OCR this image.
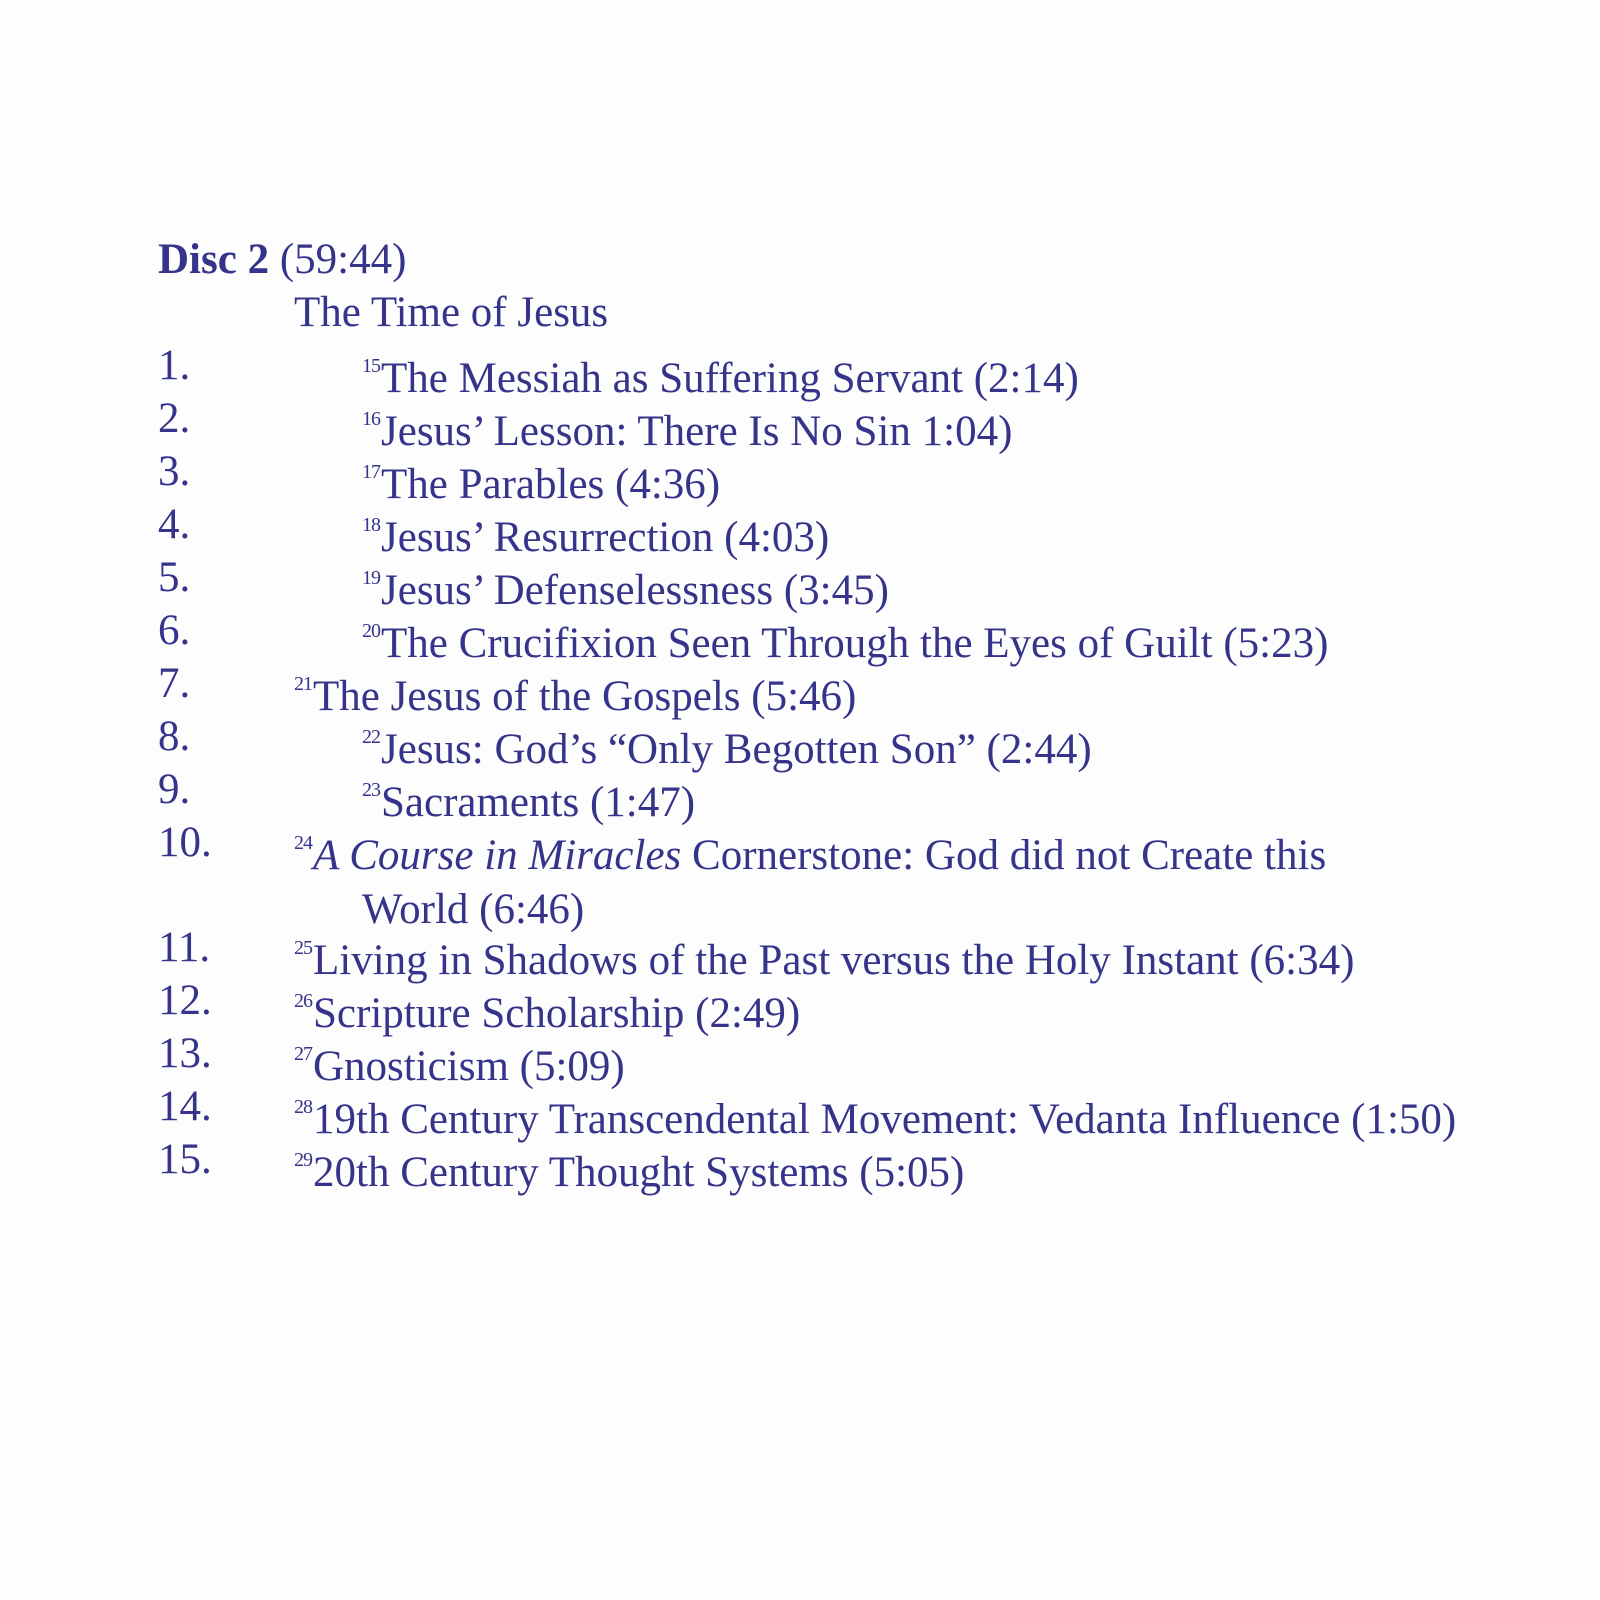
Disc 2 (59:44)
The Time of Jesus
1.	$^{15}$The Messiah as Suffering Servant (2:14)
2.	$^{16}$Jesus’ Lesson: There Is No Sin 1:04)
3.	$^{17}$The Parables (4:36)
4.	$^{18}$Jesus’ Resurrection (4:03)
5.	$^{19}$Jesus’ Defenselessness (3:45)
6.	$^{20}$The Crucifixion Seen Through the Eyes of Guilt (5:23)
7.	$^{21}$The Jesus of the Gospels (5:46)
8.	$^{22}$Jesus: God’s “Only Begotten Son” (2:44)
9.	$^{23}$Sacraments (1:47)
10.	$^{24}$A Course in Miracles Cornerstone: God did not Create this
World (6:46)
11.	$^{25}$Living in Shadows of the Past versus the Holy Instant (6:34)
12.	$^{26}$Scripture Scholarship (2:49)
13.	$^{27}$Gnosticism (5:09)
14.	$^{28}$19th Century Transcendental Movement: Vedanta Influence (1:50)
15.	$^{29}$20th Century Thought Systems (5:05)
